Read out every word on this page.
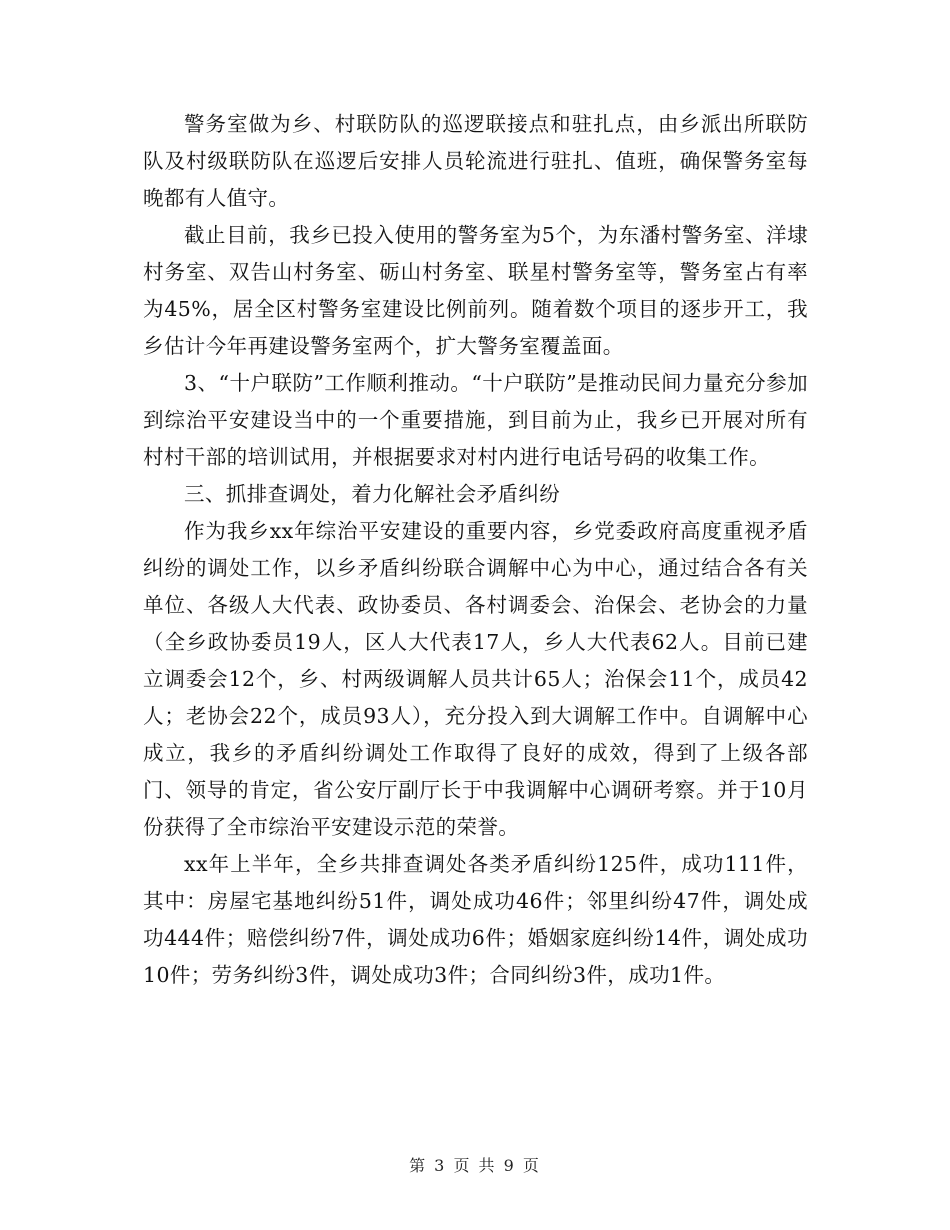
警务室做为乡、村联防队的巡逻联接点和驻扎点，由乡派出所联防队及村级联防队在巡逻后安排人员轮流进行驻扎、值班，确保警务室每晚都有人值守。

截止目前，我乡已投入使用的警务室为5个，为东潘村警务室、洋埭村务室、双告山村务室、砺山村务室、联星村警务室等，警务室占有率为45%，居全区村警务室建设比例前列。随着数个项目的逐步开工，我乡估计今年再建设警务室两个，扩大警务室覆盖面。

3、“十户联防”工作顺利推动。“十户联防”是推动民间力量充分参加到综治平安建设当中的一个重要措施，到目前为止，我乡已开展对所有村村干部的培训试用，并根据要求对村内进行电话号码的收集工作。

三、抓排查调处，着力化解社会矛盾纠纷

作为我乡xx年综治平安建设的重要内容，乡党委政府高度重视矛盾纠纷的调处工作，以乡矛盾纠纷联合调解中心为中心，通过结合各有关单位、各级人大代表、政协委员、各村调委会、治保会、老协会的力量（全乡政协委员19人，区人大代表17人，乡人大代表62人。目前已建立调委会12个，乡、村两级调解人员共计65人；治保会11个，成员42人；老协会22个，成员93人），充分投入到大调解工作中。自调解中心成立，我乡的矛盾纠纷调处工作取得了良好的成效，得到了上级各部门、领导的肯定，省公安厅副厅长于中我调解中心调研考察。并于10月份获得了全市综治平安建设示范的荣誉。

xx年上半年，全乡共排查调处各类矛盾纠纷125件，成功111件，其中：房屋宅基地纠纷51件，调处成功46件；邻里纠纷47件，调处成功444件；赔偿纠纷7件，调处成功6件；婚姻家庭纠纷14件，调处成功10件；劳务纠纷3件，调处成功3件；合同纠纷3件，成功1件。

第 3 页 共 9 页
